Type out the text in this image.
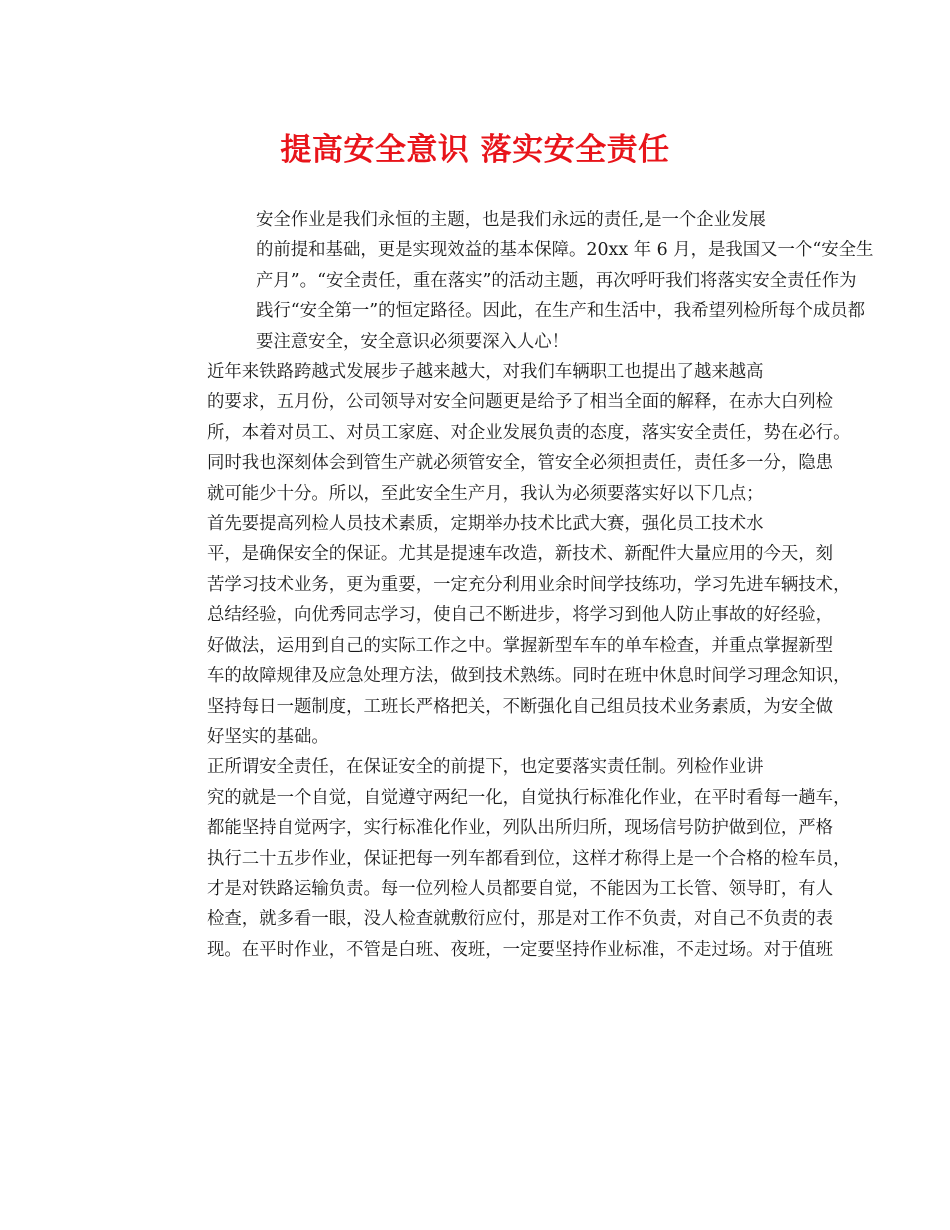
提高安全意识 落实安全责任

安全作业是我们永恒的主题，也是我们永远的责任,是一个企业发展
的前提和基础，更是实现效益的基本保障。20xx 年 6 月，是我国又一个“安全生
产月”。“安全责任，重在落实”的活动主题，再次呼吁我们将落实安全责任作为
践行“安全第一”的恒定路径。因此，在生产和生活中，我希望列检所每个成员都
要注意安全，安全意识必须要深入人心！

近年来铁路跨越式发展步子越来越大，对我们车辆职工也提出了越来越高
的要求，五月份，公司领导对安全问题更是给予了相当全面的解释，在赤大白列检
所，本着对员工、对员工家庭、对企业发展负责的态度，落实安全责任，势在必行。
同时我也深刻体会到管生产就必须管安全，管安全必须担责任，责任多一分，隐患
就可能少十分。所以，至此安全生产月，我认为必须要落实好以下几点；

首先要提高列检人员技术素质，定期举办技术比武大赛，强化员工技术水
平，是确保安全的保证。尤其是提速车改造，新技术、新配件大量应用的今天，刻
苦学习技术业务，更为重要，一定充分利用业余时间学技练功，学习先进车辆技术，
总结经验，向优秀同志学习，使自己不断进步，将学习到他人防止事故的好经验，
好做法，运用到自己的实际工作之中。掌握新型车车的单车检查，并重点掌握新型
车的故障规律及应急处理方法，做到技术熟练。同时在班中休息时间学习理念知识，
坚持每日一题制度，工班长严格把关，不断强化自己组员技术业务素质，为安全做
好坚实的基础。

正所谓安全责任，在保证安全的前提下，也定要落实责任制。列检作业讲
究的就是一个自觉，自觉遵守两纪一化，自觉执行标准化作业，在平时看每一趟车，
都能坚持自觉两字，实行标准化作业，列队出所归所，现场信号防护做到位，严格
执行二十五步作业，保证把每一列车都看到位，这样才称得上是一个合格的检车员，
才是对铁路运输负责。每一位列检人员都要自觉，不能因为工长管、领导盯，有人
检查，就多看一眼，没人检查就敷衍应付，那是对工作不负责，对自己不负责的表
现。在平时作业，不管是白班、夜班，一定要坚持作业标准，不走过场。对于值班
